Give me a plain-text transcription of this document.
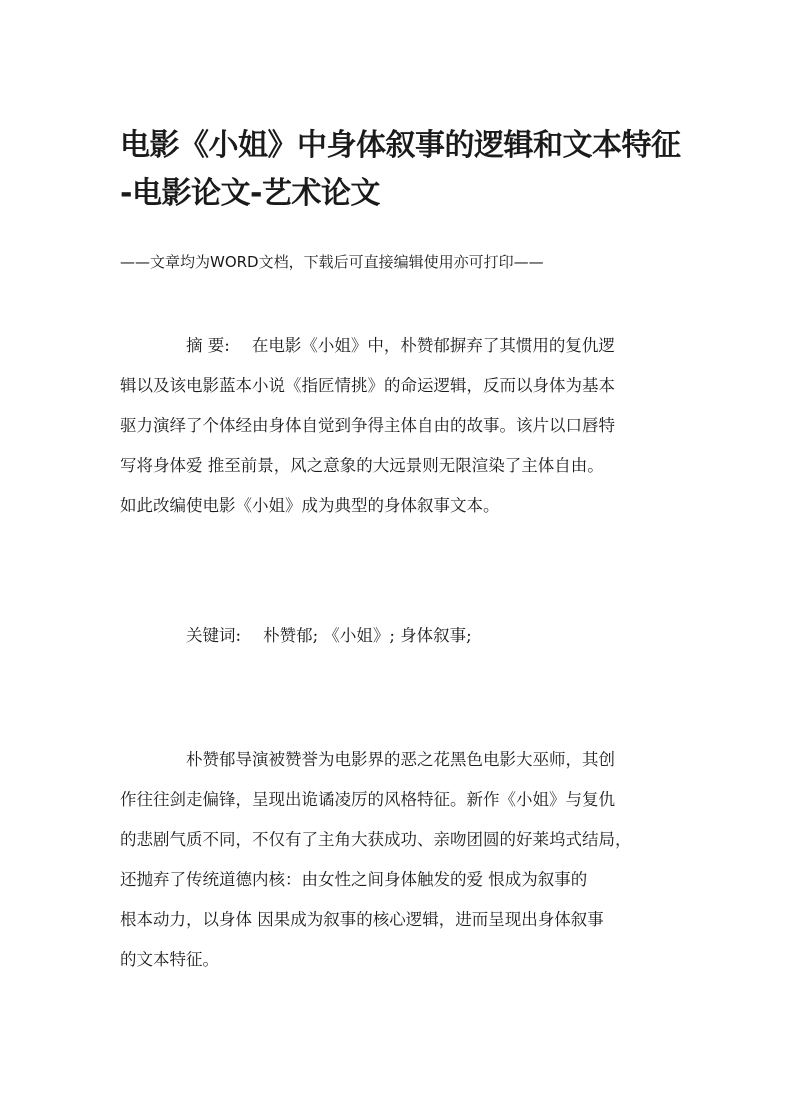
电影《小姐》中身体叙事的逻辑和文本特征
-电影论文-艺术论文
——文章均为WORD文档，下载后可直接编辑使用亦可打印——
摘 要: 在电影《小姐》中，朴赞郁摒弃了其惯用的复仇逻
辑以及该电影蓝本小说《指匠情挑》的命运逻辑，反而以身体为基本
驱力演绎了个体经由身体自觉到争得主体自由的故事。该片以口唇特
写将身体爱 推至前景，风之意象的大远景则无限渲染了主体自由。
如此改编使电影《小姐》成为典型的身体叙事文本。
关键词: 朴赞郁; 《小姐》; 身体叙事;
朴赞郁导演被赞誉为电影界的恶之花黑色电影大巫师，其创
作往往剑走偏锋，呈现出诡谲凌厉的风格特征。新作《小姐》与复仇
的悲剧气质不同，不仅有了主角大获成功、亲吻团圆的好莱坞式结局，
还抛弃了传统道德内核：由女性之间身体触发的爱 恨成为叙事的
根本动力，以身体 因果成为叙事的核心逻辑，进而呈现出身体叙事
的文本特征。
